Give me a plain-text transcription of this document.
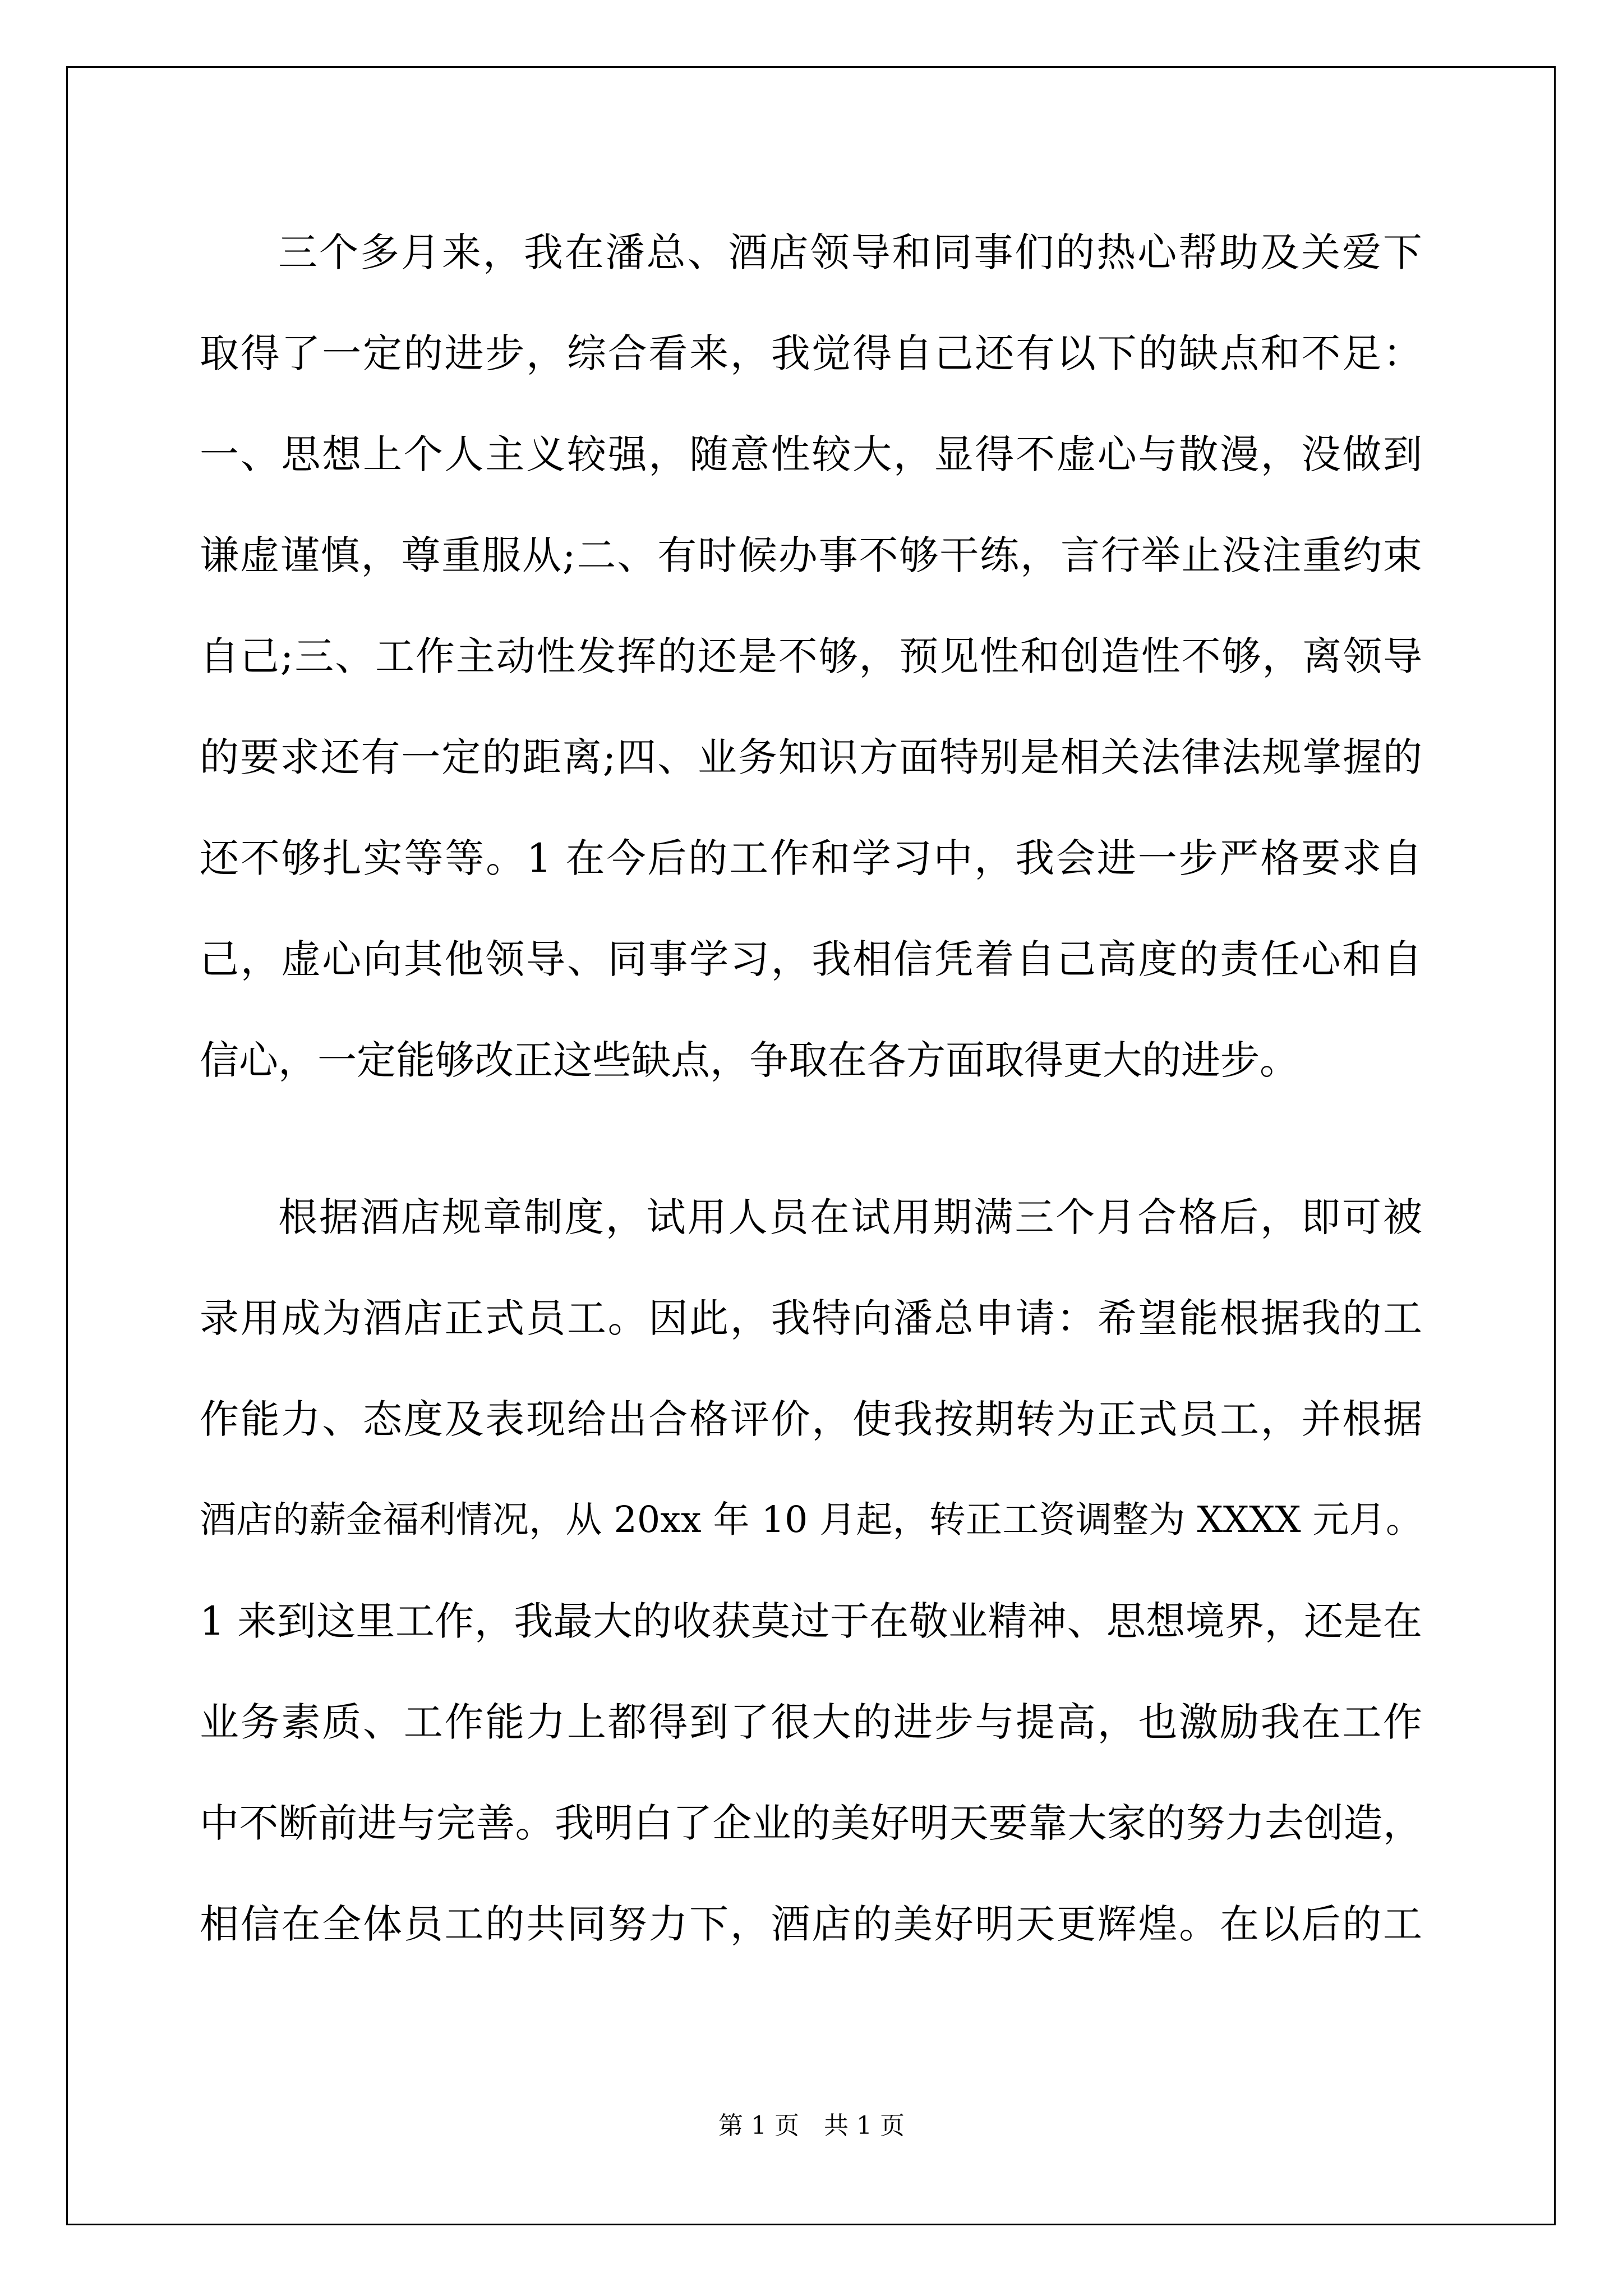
三个多月来，我在潘总、酒店领导和同事们的热心帮助及关爱下

取得了一定的进步，综合看来，我觉得自己还有以下的缺点和不足：

一、思想上个人主义较强，随意性较大，显得不虚心与散漫，没做到

谦虚谨慎，尊重服从;二、有时候办事不够干练，言行举止没注重约束

自己;三、工作主动性发挥的还是不够，预见性和创造性不够，离领导

的要求还有一定的距离;四、业务知识方面特别是相关法律法规掌握的

还不够扎实等等。1 在今后的工作和学习中，我会进一步严格要求自

己，虚心向其他领导、同事学习，我相信凭着自己高度的责任心和自

信心，一定能够改正这些缺点，争取在各方面取得更大的进步。

根据酒店规章制度，试用人员在试用期满三个月合格后，即可被

录用成为酒店正式员工。因此，我特向潘总申请：希望能根据我的工

作能力、态度及表现给出合格评价，使我按期转为正式员工，并根据

酒店的薪金福利情况，从 20xx 年 10 月起，转正工资调整为 XXXX 元月。

1 来到这里工作，我最大的收获莫过于在敬业精神、思想境界，还是在

业务素质、工作能力上都得到了很大的进步与提高，也激励我在工作

中不断前进与完善。我明白了企业的美好明天要靠大家的努力去创造，

相信在全体员工的共同努力下，酒店的美好明天更辉煌。在以后的工

第 1 页 共 1 页
